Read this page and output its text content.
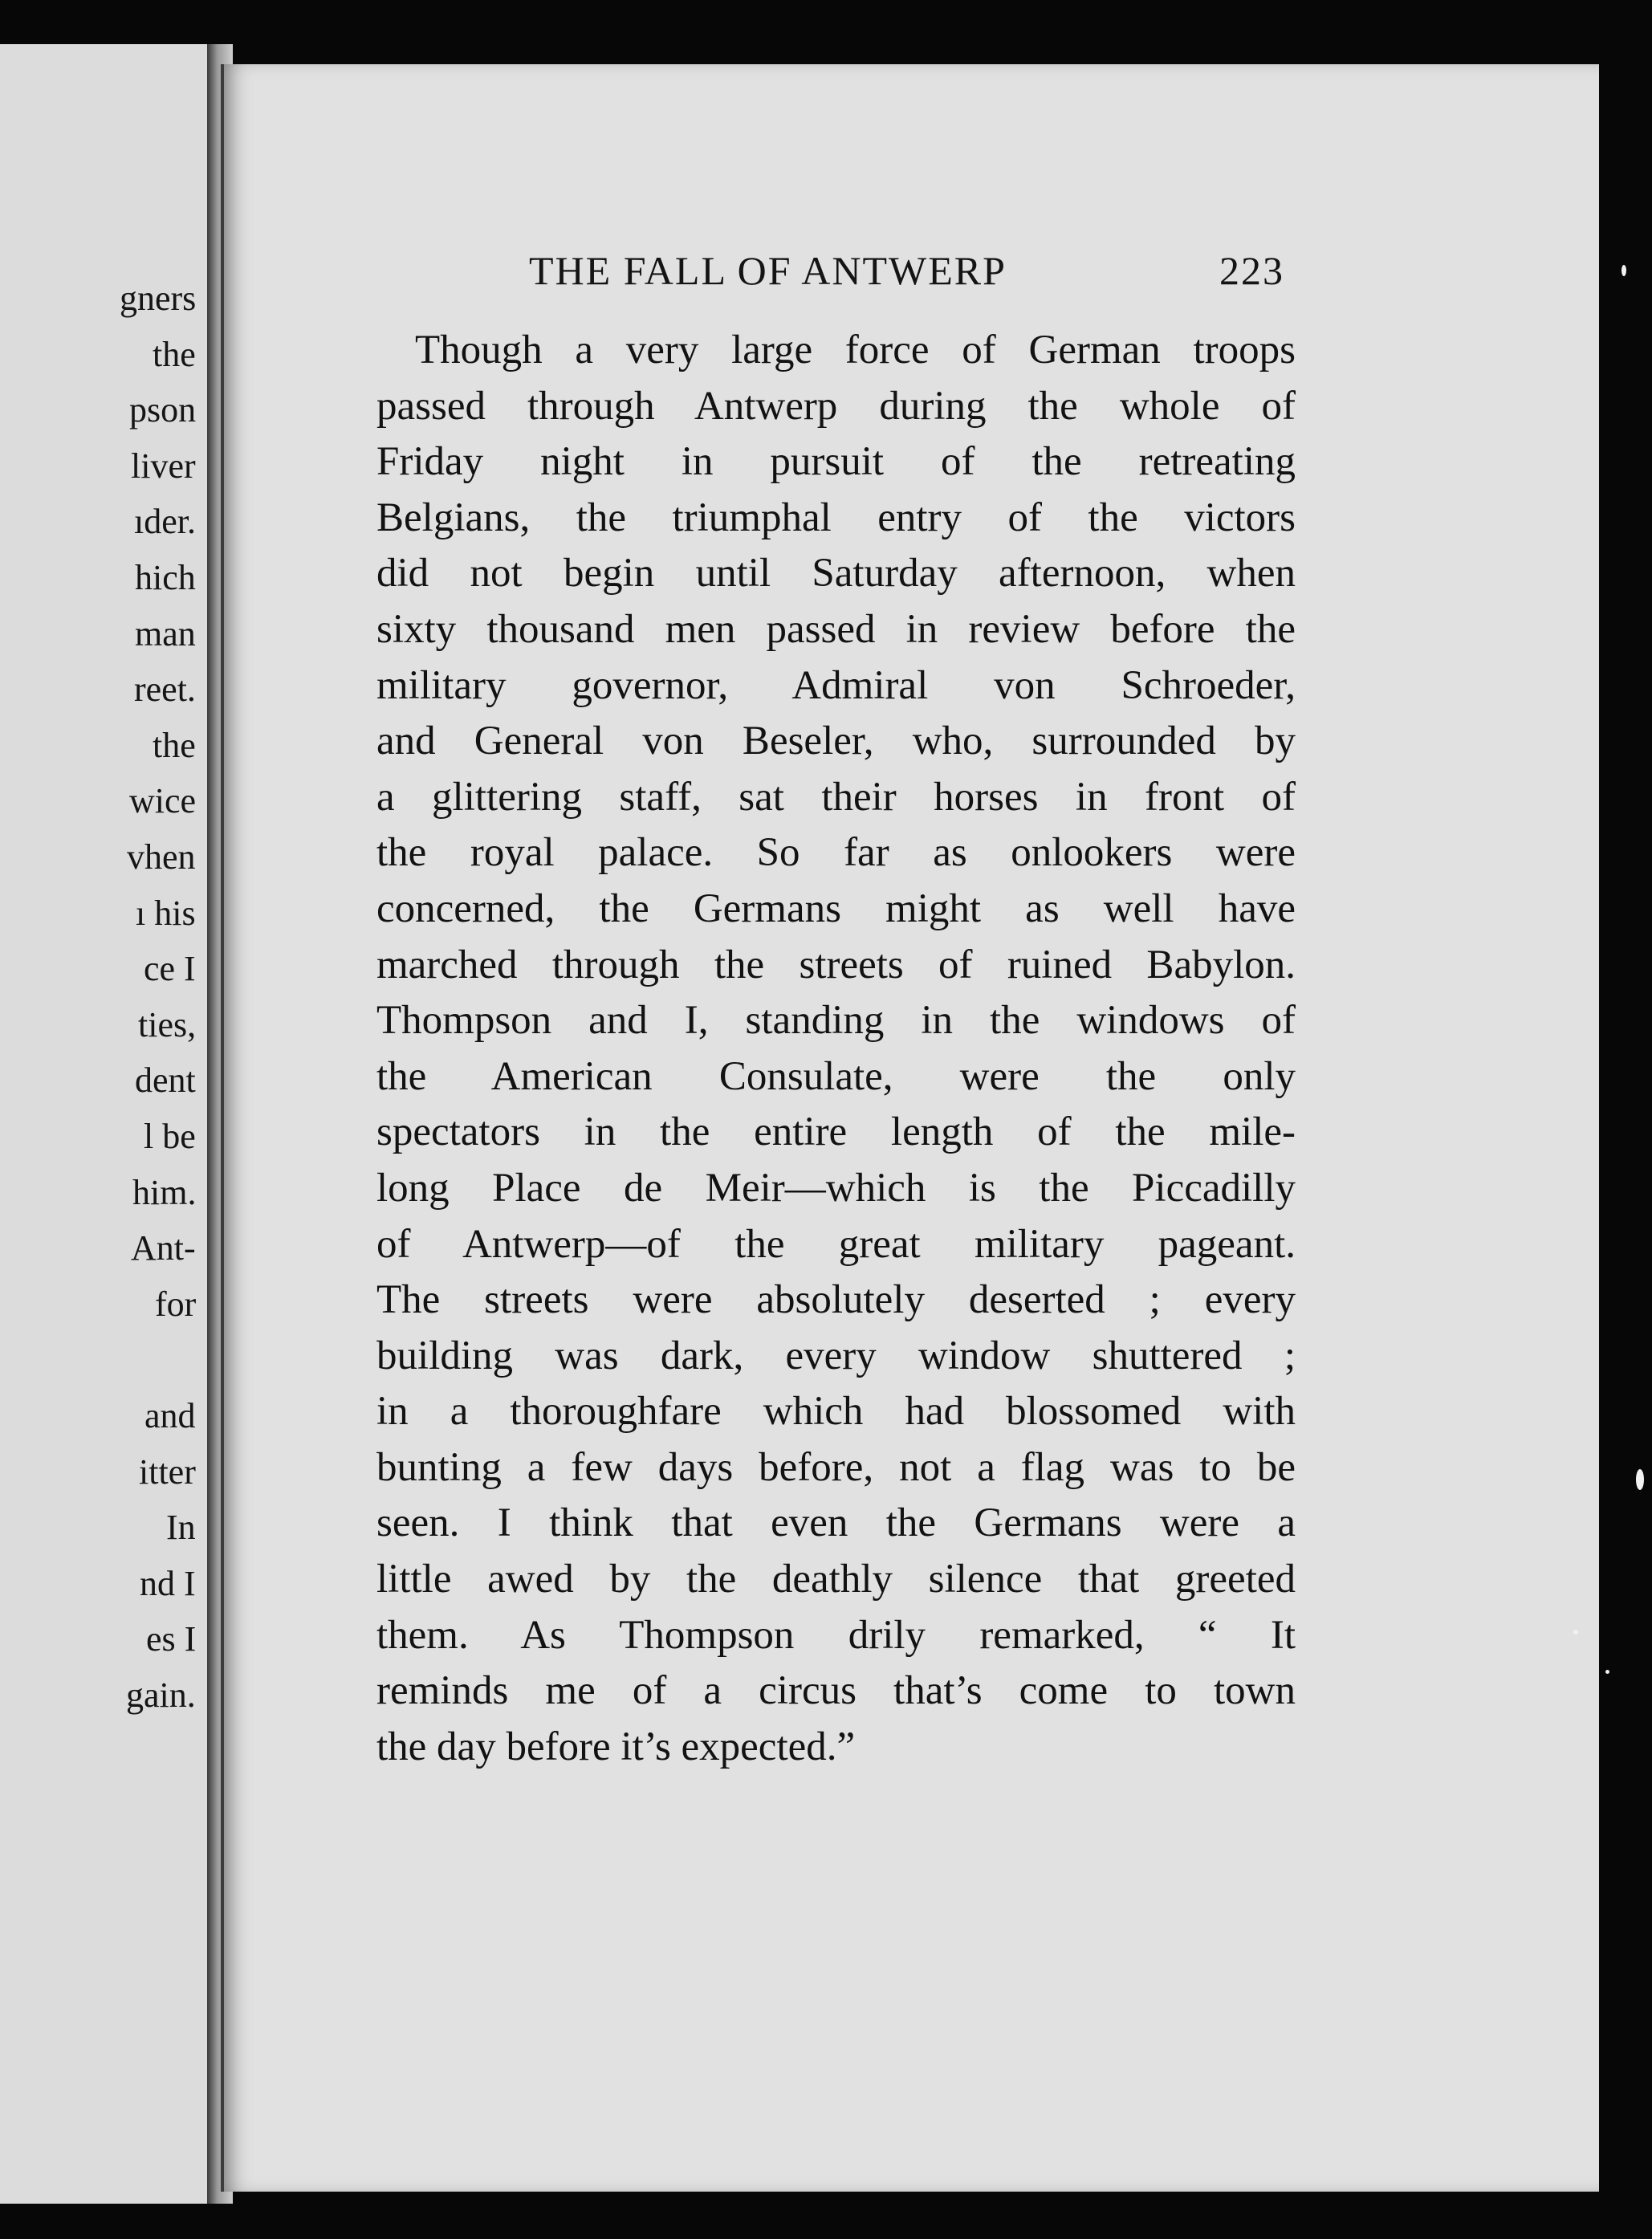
gners
the
pson
liver
ıder.
hich
man
reet.
the
wice
vhen
ı his
ce I
ties,
dent
l be
him.
Ant-
for
and
itter
In
nd I
es I
gain.
THE FALL OF ANTWERP	223
Though a very large force of German troops
passed through Antwerp during the whole of
Friday night in pursuit of the retreating
Belgians, the triumphal entry of the victors
did not begin until Saturday afternoon, when
sixty thousand men passed in review before the
military governor, Admiral von Schroeder,
and General von Beseler, who, surrounded by
a glittering staff, sat their horses in front of
the royal palace. So far as onlookers were
concerned, the Germans might as well have
marched through the streets of ruined Babylon.
Thompson and I, standing in the windows of
the American Consulate, were the only
spectators in the entire length of the mile-
long Place de Meir—which is the Piccadilly
of Antwerp—of the great military pageant.
The streets were absolutely deserted ; every
building was dark, every window shuttered ;
in a thoroughfare which had blossomed with
bunting a few days before, not a flag was to be
seen. I think that even the Germans were a
little awed by the deathly silence that greeted
them. As Thompson drily remarked, “ It
reminds me of a circus that’s come to town
the day before it’s expected.”
